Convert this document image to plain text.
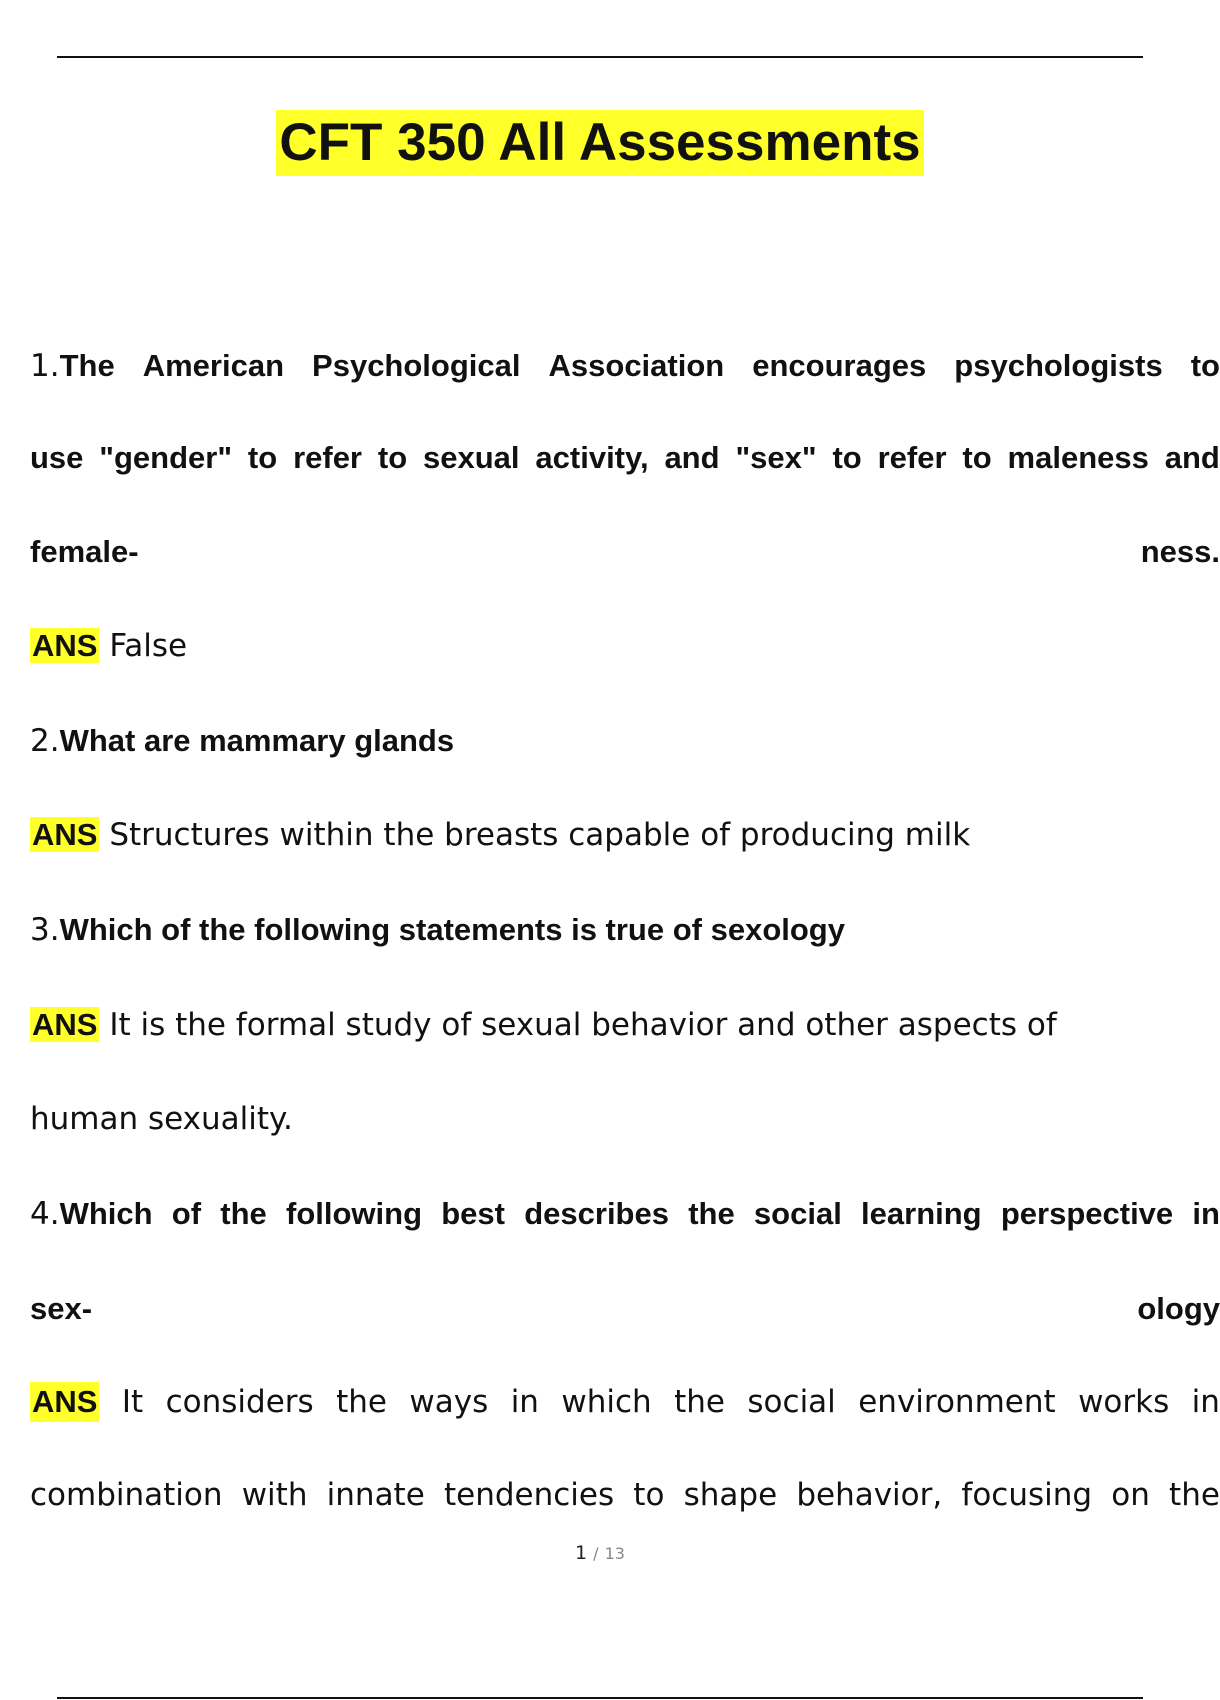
CFT 350 All Assessments
1.The American Psychological Association encourages psychologists to
use "gender" to refer to sexual activity, and "sex" to refer to maleness and
female-	ness.
ANS False
2.What are mammary glands
ANS Structures within the breasts capable of producing milk
3.Which of the following statements is true of sexology
ANS It is the formal study of sexual behavior and other aspects of
human sexuality.
4.Which of the following best describes the social learning perspective in
sex-	ology
ANS It considers the ways in which the social environment works in
combination with innate tendencies to shape behavior, focusing on the
1 / 13
